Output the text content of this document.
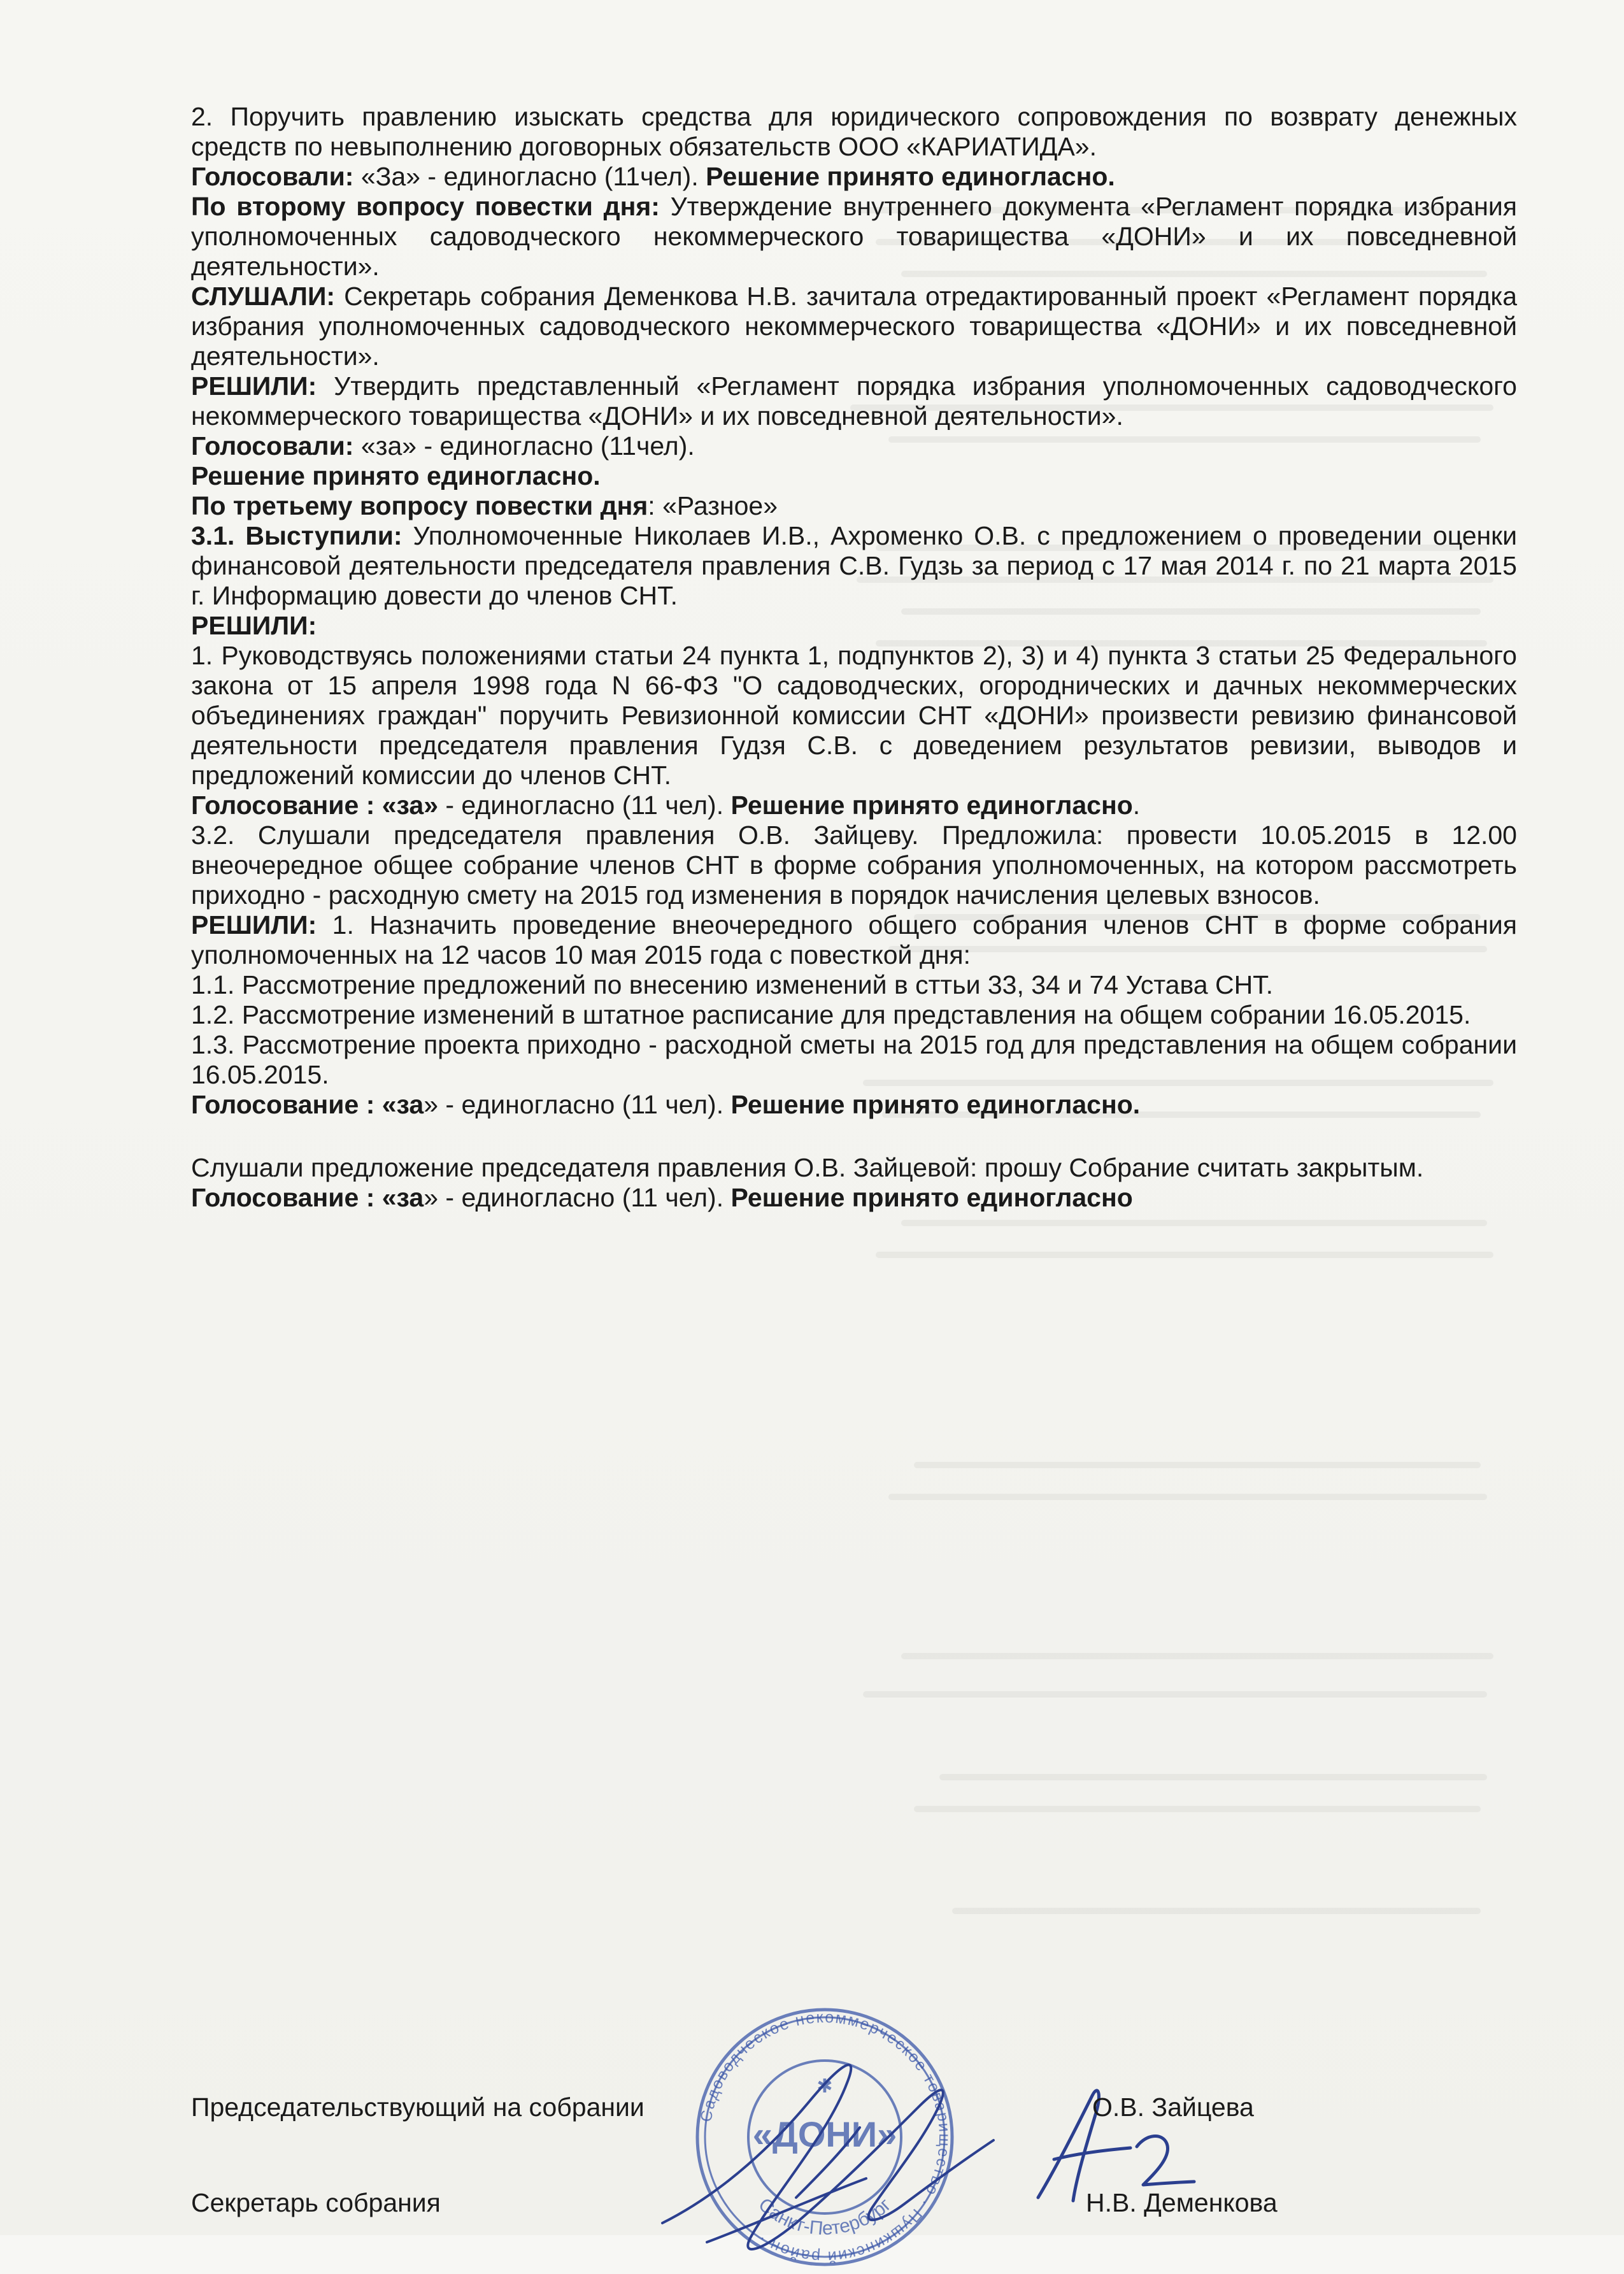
2. Поручить правлению изыскать средства для юридического сопровождения по возврату денежных средств по невыполнению договорных обязательств ООО «КАРИАТИДА».

Голосовали: «За» - единогласно (11чел). Решение принято единогласно.

По второму вопросу повестки дня: Утверждение внутреннего документа «Регламент порядка избрания уполномоченных садоводческого некоммерческого товарищества «ДОНИ» и их повседневной деятельности».

СЛУШАЛИ: Секретарь собрания Деменкова Н.В. зачитала отредактированный проект «Регламент порядка избрания уполномоченных садоводческого некоммерческого товарищества «ДОНИ» и их повседневной деятельности».

РЕШИЛИ: Утвердить представленный «Регламент порядка избрания уполномоченных садоводческого некоммерческого товарищества «ДОНИ» и их повседневной деятельности».

Голосовали: «за» - единогласно (11чел).

Решение принято единогласно.

По третьему вопросу повестки дня: «Разное»

3.1. Выступили: Уполномоченные Николаев И.В., Ахроменко О.В. с предложением о проведении оценки финансовой деятельности председателя правления С.В. Гудзь за период с 17 мая 2014 г. по 21 марта 2015 г. Информацию довести до членов СНТ.

РЕШИЛИ:

1. Руководствуясь положениями статьи 24 пункта 1, подпунктов 2), 3) и 4) пункта 3 статьи 25 Федерального закона от 15 апреля 1998 года N 66-ФЗ "О садоводческих, огороднических и дачных некоммерческих объединениях граждан" поручить Ревизионной комиссии СНТ «ДОНИ» произвести ревизию финансовой деятельности председателя правления Гудзя С.В. с доведением результатов ревизии, выводов и предложений комиссии до членов СНТ.

Голосование : «за» - единогласно (11 чел). Решение принято единогласно.

3.2. Слушали председателя правления О.В. Зайцеву. Предложила: провести 10.05.2015 в 12.00 внеочередное общее собрание членов СНТ в форме собрания уполномоченных, на котором рассмотреть приходно - расходную смету на 2015 год изменения в порядок начисления целевых взносов.

РЕШИЛИ: 1. Назначить проведение внеочередного общего собрания членов СНТ в форме собрания уполномоченных на 12 часов 10 мая 2015 года с повесткой дня:

1.1. Рассмотрение предложений по внесению изменений в сттьи 33, 34 и 74 Устава СНТ.

1.2. Рассмотрение изменений в штатное расписание для представления на общем собрании 16.05.2015.

1.3. Рассмотрение проекта приходно - расходной сметы на 2015 год для представления на общем собрании 16.05.2015.

Голосование : «за» - единогласно (11 чел). Решение принято единогласно.

Слушали предложение председателя правления О.В. Зайцевой: прошу Собрание считать закрытым.

Голосование : «за» - единогласно (11 чел). Решение принято единогласно

Садоводческое некоммерческое товарищество · Пушкинский район ·
Санкт-Петербург
«ДОНИ»
✱
Председательствующий на собрании	О.В. Зайцева
Секретарь собрания	Н.В. Деменкова
